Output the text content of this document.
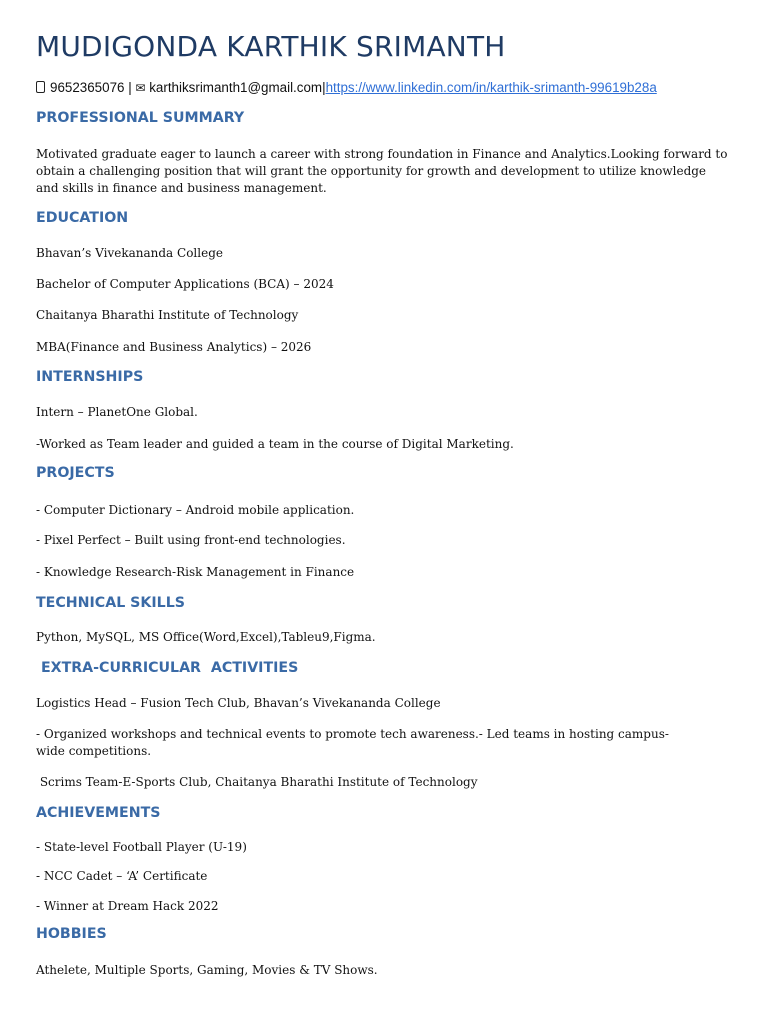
MUDIGONDA KARTHIK SRIMANTH
9652365076 | ✉ karthiksrimanth1@gmail.com|https://www.linkedin.com/in/karthik-srimanth-99619b28a
PROFESSIONAL SUMMARY

Motivated graduate eager to launch a career with strong foundation in Finance and Analytics.Looking forward to obtain a challenging position that will grant the opportunity for growth and development to utilize knowledge and skills in finance and business management.

EDUCATION

Bhavan’s Vivekananda College

Bachelor of Computer Applications (BCA) – 2024

Chaitanya Bharathi Institute of Technology

MBA(Finance and Business Analytics) – 2026

INTERNSHIPS

Intern – PlanetOne Global.

-Worked as Team leader and guided a team in the course of Digital Marketing.

PROJECTS

- Computer Dictionary – Android mobile application.

- Pixel Perfect – Built using front-end technologies.

- Knowledge Research-Risk Management in Finance

TECHNICAL SKILLS

Python, MySQL, MS Office(Word,Excel),Tableu9,Figma.

EXTRA-CURRICULAR  ACTIVITIES

Logistics Head – Fusion Tech Club, Bhavan’s Vivekananda College

- Organized workshops and technical events to promote tech awareness.- Led teams in hosting campus-wide competitions.

Scrims Team-E-Sports Club, Chaitanya Bharathi Institute of Technology

ACHIEVEMENTS

- State-level Football Player (U-19)

- NCC Cadet – ‘A’ Certificate

- Winner at Dream Hack 2022

HOBBIES

Athelete, Multiple Sports, Gaming, Movies & TV Shows.
